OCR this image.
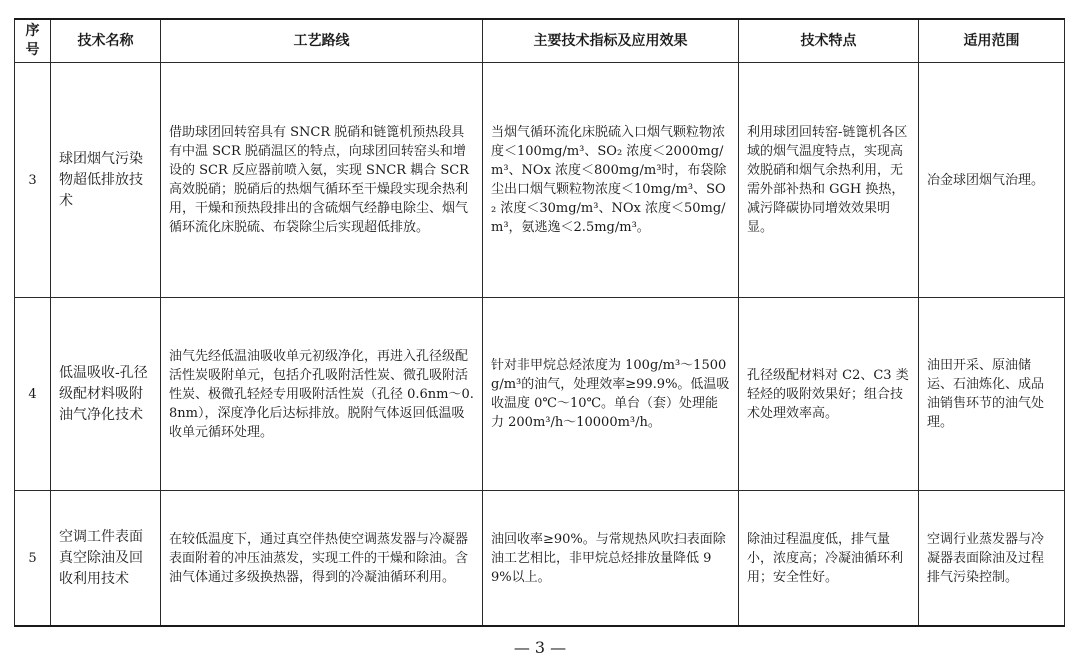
序号	技术名称	工艺路线	主要技术指标及应用效果	技术特点	适用范围
3	球团烟气污染物超低排放技术	借助球团回转窑具有 SNCR 脱硝和链篦机预热段具有中温 SCR 脱硝温区的特点，向球团回转窑头和增设的 SCR 反应器前喷入氨，实现 SNCR 耦合 SCR 高效脱硝；脱硝后的热烟气循环至干燥段实现余热利用，干燥和预热段排出的含硫烟气经静电除尘、烟气循环流化床脱硫、布袋除尘后实现超低排放。	当烟气循环流化床脱硫入口烟气颗粒物浓度＜100mg/m³、SO₂ 浓度＜2000mg/m³、NOx 浓度＜800mg/m³时，布袋除尘出口烟气颗粒物浓度＜10mg/m³、SO₂ 浓度＜30mg/m³、NOx 浓度＜50mg/m³，氨逃逸＜2.5mg/m³。	利用球团回转窑-链篦机各区域的烟气温度特点，实现高效脱硝和烟气余热利用，无需外部补热和 GGH 换热，减污降碳协同增效效果明显。	冶金球团烟气治理。
4	低温吸收-孔径级配材料吸附油气净化技术	油气先经低温油吸收单元初级净化，再进入孔径级配活性炭吸附单元，包括介孔吸附活性炭、微孔吸附活性炭、极微孔轻烃专用吸附活性炭（孔径 0.6nm～0.8nm），深度净化后达标排放。脱附气体返回低温吸收单元循环处理。	针对非甲烷总烃浓度为 100g/m³～1500g/m³的油气，处理效率≥99.9%。低温吸收温度 0℃～10℃。单台（套）处理能力 200m³/h～10000m³/h。	孔径级配材料对 C2、C3 类轻烃的吸附效果好；组合技术处理效率高。	油田开采、原油储运、石油炼化、成品油销售环节的油气处理。
5	空调工件表面真空除油及回收利用技术	在较低温度下，通过真空伴热使空调蒸发器与冷凝器表面附着的冲压油蒸发，实现工件的干燥和除油。含油气体通过多级换热器，得到的冷凝油循环利用。	油回收率≥90%。与常规热风吹扫表面除油工艺相比，非甲烷总烃排放量降低 99%以上。	除油过程温度低，排气量小，浓度高；冷凝油循环利用；安全性好。	空调行业蒸发器与冷凝器表面除油及过程排气污染控制。
— 3 —
